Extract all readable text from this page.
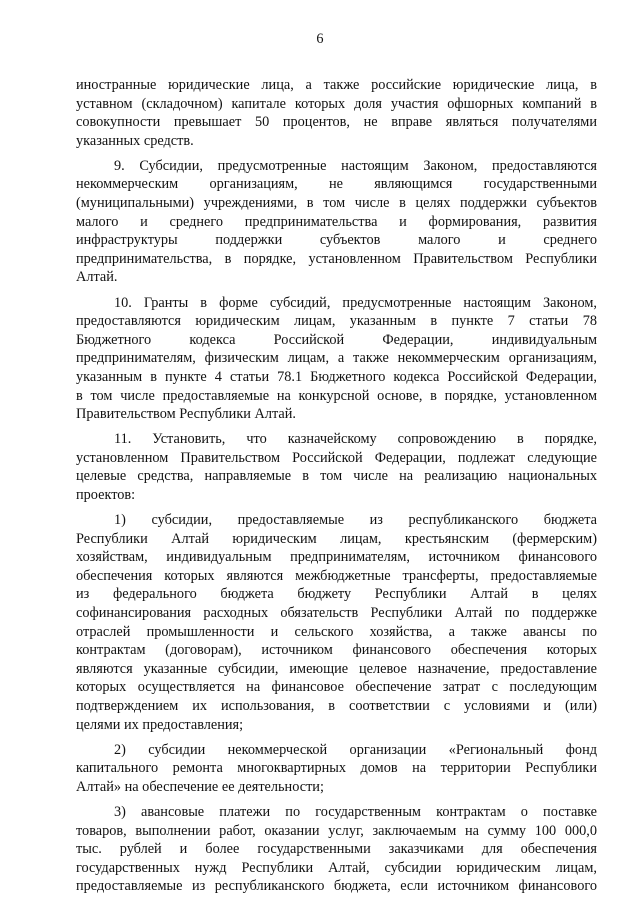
6
иностранные юридические лица, а также российские юридические лица, в
уставном (складочном) капитале которых доля участия офшорных компаний в
совокупности превышает 50 процентов, не вправе являться получателями
указанных средств.
9. Субсидии, предусмотренные настоящим Законом, предоставляются
некоммерческим организациям, не являющимся государственными
(муниципальными) учреждениями, в том числе в целях поддержки субъектов
малого и среднего предпринимательства и формирования, развития
инфраструктуры поддержки субъектов малого и среднего
предпринимательства, в порядке, установленном Правительством Республики
Алтай.
10. Гранты в форме субсидий, предусмотренные настоящим Законом,
предоставляются юридическим лицам, указанным в пункте 7 статьи 78
Бюджетного кодекса Российской Федерации, индивидуальным
предпринимателям, физическим лицам, а также некоммерческим организациям,
указанным в пункте 4 статьи 78.1 Бюджетного кодекса Российской Федерации,
в том числе предоставляемые на конкурсной основе, в порядке, установленном
Правительством Республики Алтай.
11. Установить, что казначейскому сопровождению в порядке,
установленном Правительством Российской Федерации, подлежат следующие
целевые средства, направляемые в том числе на реализацию национальных
проектов:
1) субсидии, предоставляемые из республиканского бюджета
Республики Алтай юридическим лицам, крестьянским (фермерским)
хозяйствам, индивидуальным предпринимателям, источником финансового
обеспечения которых являются межбюджетные трансферты, предоставляемые
из федерального бюджета бюджету Республики Алтай в целях
софинансирования расходных обязательств Республики Алтай по поддержке
отраслей промышленности и сельского хозяйства, а также авансы по
контрактам (договорам), источником финансового обеспечения которых
являются указанные субсидии, имеющие целевое назначение, предоставление
которых осуществляется на финансовое обеспечение затрат с последующим
подтверждением их использования, в соответствии с условиями и (или)
целями их предоставления;
2) субсидии некоммерческой организации «Региональный фонд
капитального ремонта многоквартирных домов на территории Республики
Алтай» на обеспечение ее деятельности;
3) авансовые платежи по государственным контрактам о поставке
товаров, выполнении работ, оказании услуг, заключаемым на сумму 100 000,0
тыс. рублей и более государственными заказчиками для обеспечения
государственных нужд Республики Алтай, субсидии юридическим лицам,
предоставляемые из республиканского бюджета, если источником финансового
